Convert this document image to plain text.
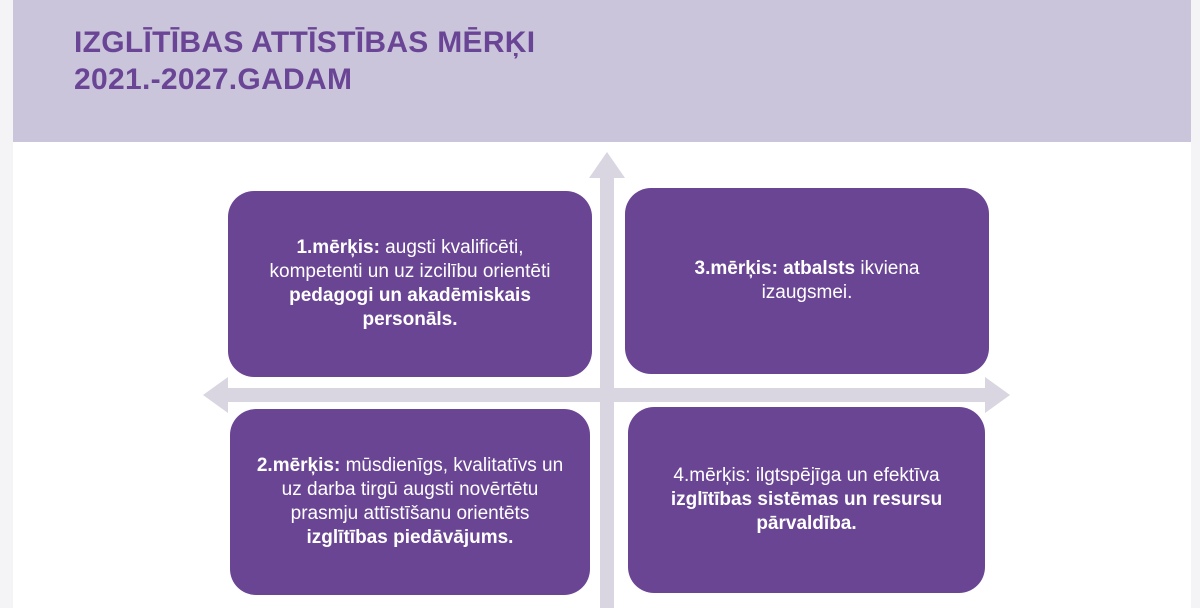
IZGLĪTĪBAS ATTĪSTĪBAS MĒRĶI
2021.-2027.GADAM

1.mērķis: augsti kvalificēti, kompetenti un uz izcilību orientēti pedagogi un akadēmiskais personāls.

3.mērķis: atbalsts ikviena izaugsmei.

2.mērķis: mūsdienīgs, kvalitatīvs un uz darba tirgū augsti novērtētu prasmju attīstīšanu orientēts izglītības piedāvājums.

4.mērķis: ilgtspējīga un efektīva
izglītības sistēmas un resursu pārvaldība.
